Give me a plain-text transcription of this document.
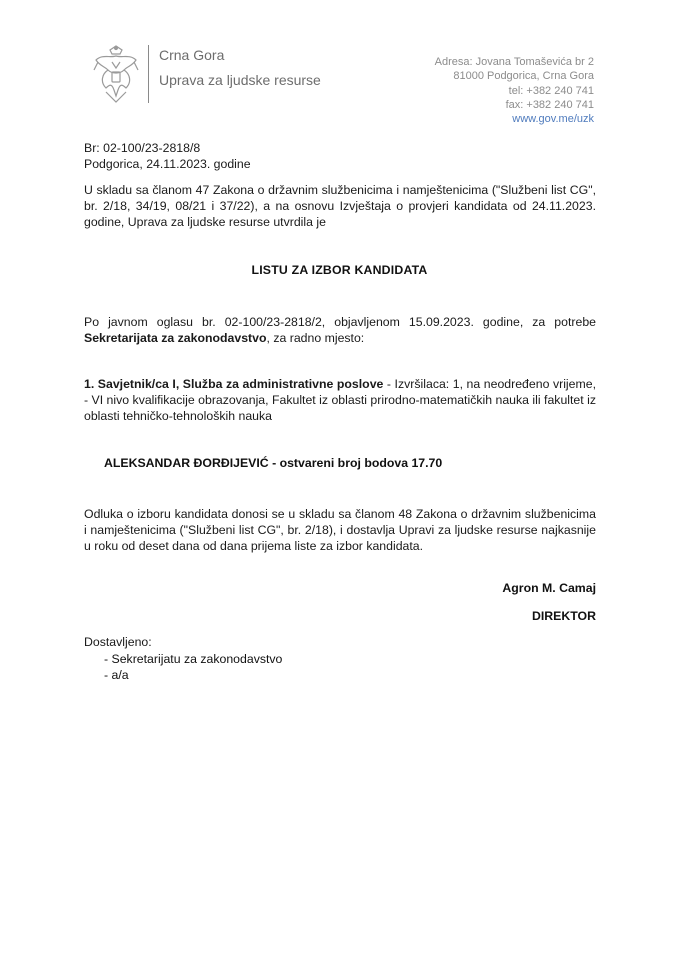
Crna Gora
Uprava za ljudske resurse
Adresa: Jovana Tomaševića br 2
81000 Podgorica, Crna Gora
tel: +382 240 741
fax: +382 240 741
www.gov.me/uzk
Br: 02-100/23-2818/8
Podgorica, 24.11.2023. godine
U skladu sa članom 47 Zakona o državnim službenicima i namještenicima ("Službeni list CG", br. 2/18, 34/19, 08/21 i 37/22), a na osnovu Izvještaja o provjeri kandidata od 24.11.2023. godine, Uprava za ljudske resurse utvrdila je
LISTU ZA IZBOR KANDIDATA
Po javnom oglasu br. 02-100/23-2818/2, objavljenom 15.09.2023. godine, za potrebe Sekretarijata za zakonodavstvo, za radno mjesto:
1. Savjetnik/ca I, Služba za administrativne poslove - Izvršilaca: 1, na neodređeno vrijeme, - VI nivo kvalifikacije obrazovanja, Fakultet iz oblasti prirodno-matematičkih nauka ili fakultet iz oblasti tehničko-tehnoloških nauka
ALEKSANDAR ĐORĐIJEVIĆ - ostvareni broj bodova 17.70
Odluka o izboru kandidata donosi se u skladu sa članom 48 Zakona o državnim službenicima i namještenicima ("Službeni list CG", br. 2/18), i dostavlja Upravi za ljudske resurse najkasnije u roku od deset dana od dana prijema liste za izbor kandidata.
Agron M. Camaj
DIREKTOR
Dostavljeno:
- Sekretarijatu za zakonodavstvo
- a/a
